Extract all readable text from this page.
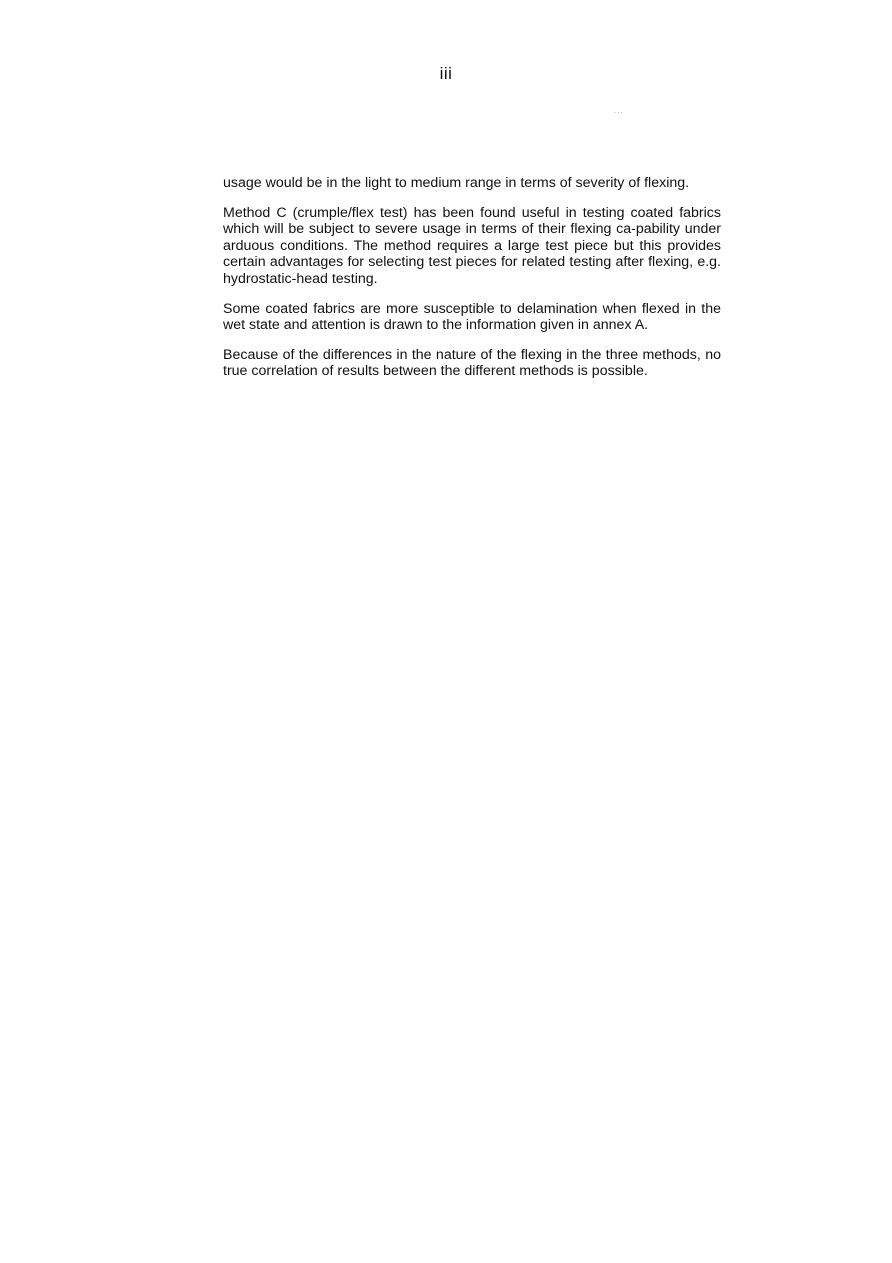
iii
...

usage would be in the light to medium range in terms of severity of flexing.

Method C (crumple/flex test) has been found useful in testing coated fabrics which will be subject to severe usage in terms of their flexing ca-pability under arduous conditions. The method requires a large test piece but this provides certain advantages for selecting test pieces for related testing after flexing, e.g. hydrostatic-head testing.

Some coated fabrics are more susceptible to delamination when flexed in the wet state and attention is drawn to the information given in annex A.

Because of the differences in the nature of the flexing in the three methods, no true correlation of results between the different methods is possible.
